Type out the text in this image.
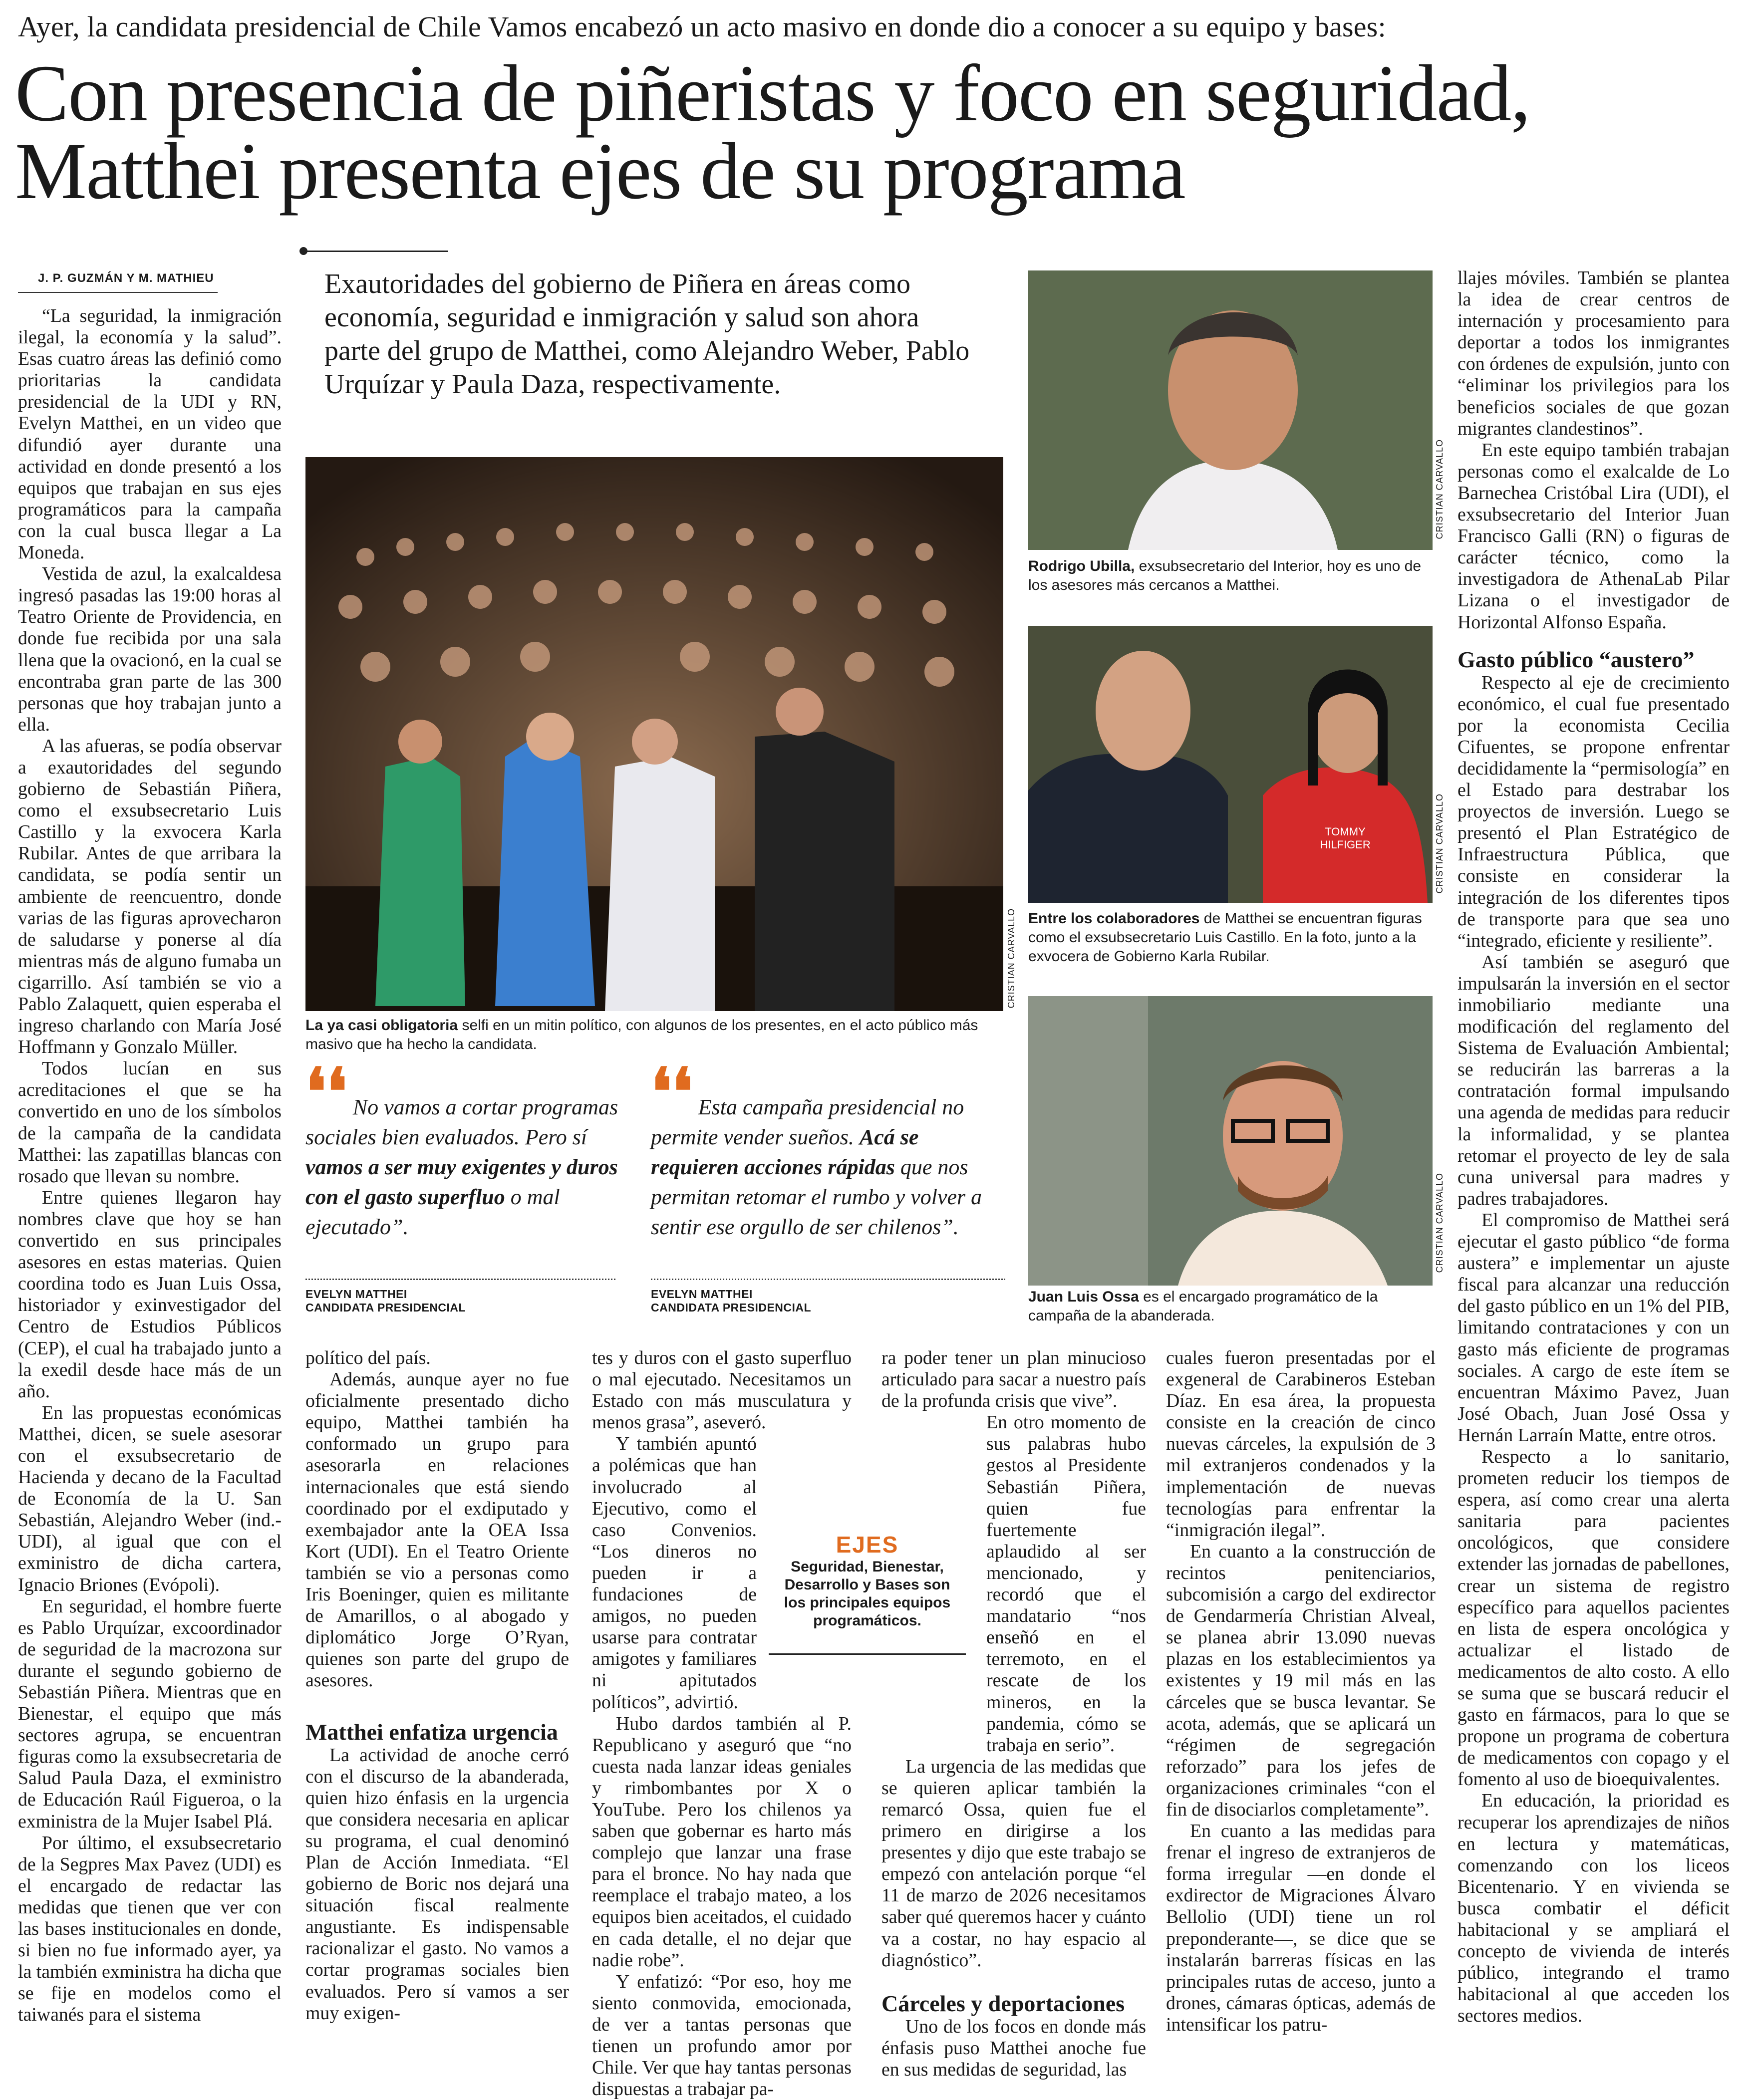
Ayer, la candidata presidencial de Chile Vamos encabezó un acto masivo en donde dio a conocer a su equipo y bases:
Con presencia de piñeristas y foco en seguridad,
Matthei presenta ejes de su programa
J. P. GUZMÁN Y M. MATHIEU	Exautoridades del gobierno de Piñera en áreas como economía, seguridad e inmigración y salud son ahora parte del grupo de Matthei, como Alejandro Weber, Pablo Urquízar y Paula Daza, respectivamente.

“La seguridad, la inmigración ilegal, la economía y la salud”. Esas cuatro áreas las definió como prioritarias la candidata presidencial de la UDI y RN, Evelyn Matthei, en un video que difundió ayer durante una actividad en donde presentó a los equipos que trabajan en sus ejes programáticos para la campaña con la cual busca llegar a La Moneda.

Vestida de azul, la exalcaldesa ingresó pasadas las 19:00 horas al Teatro Oriente de Providencia, en donde fue recibida por una sala llena que la ovacionó, en la cual se encontraba gran parte de las 300 personas que hoy trabajan junto a ella.

A las afueras, se podía observar a exautoridades del segundo gobierno de Sebastián Piñera, como el exsubsecretario Luis Castillo y la exvocera Karla Rubilar. Antes de que arribara la candidata, se podía sentir un ambiente de reencuentro, donde varias de las figuras aprovecharon de saludarse y ponerse al día mientras más de alguno fumaba un cigarrillo. Así también se vio a Pablo Zalaquett, quien esperaba el ingreso charlando con María José Hoffmann y Gonzalo Müller.

Todos lucían en sus acreditaciones el que se ha convertido en uno de los símbolos de la campaña de la candidata Matthei: las zapatillas blancas con rosado que llevan su nombre.

Entre quienes llegaron hay nombres clave que hoy se han convertido en sus principales asesores en estas materias. Quien coordina todo es Juan Luis Ossa, historiador y exinvestigador del Centro de Estudios Públicos (CEP), el cual ha trabajado junto a la exedil desde hace más de un año.

En las propuestas económicas Matthei, dicen, se suele asesorar con el exsubsecretario de Hacienda y decano de la Facultad de Economía de la U. San Sebastián, Alejandro Weber (ind.-UDI), al igual que con el exministro de dicha cartera, Ignacio Briones (Evópoli).

En seguridad, el hombre fuerte es Pablo Urquízar, excoordinador de seguridad de la macrozona sur durante el segundo gobierno de Sebastián Piñera. Mientras que en Bienestar, el equipo que más sectores agrupa, se encuentran figuras como la exsubsecretaria de Salud Paula Daza, el exministro de Educación Raúl Figueroa, o la exministra de la Mujer Isabel Plá.

Por último, el exsubsecretario de la Segpres Max Pavez (UDI) es el encargado de redactar las medidas que tienen que ver con las bases institucionales en donde, si bien no fue informado ayer, ya la también exministra ha dicha que se fije en modelos como el taiwanés para el sistema

CRISTIAN CARVALLO
La ya casi obligatoria selfi en un mitin político, con algunos de los presentes, en el acto público más masivo que ha hecho la candidata.
❛❛ No vamos a cortar programas sociales bien evaluados. Pero sí vamos a ser muy exigentes y duros con el gasto superfluo o mal ejecutado”.
EVELYN MATTHEI
CANDIDATA PRESIDENCIAL
❛❛ Esta campaña presidencial no permite vender sueños. Acá se requieren acciones rápidas que nos permitan retomar el rumbo y volver a sentir ese orgullo de ser chilenos”.
EVELYN MATTHEI
CANDIDATA PRESIDENCIAL

político del país.

Además, aunque ayer no fue oficialmente presentado dicho equipo, Matthei también ha conformado un grupo para asesorarla en relaciones internacionales que está siendo coordinado por el exdiputado y exembajador ante la OEA Issa Kort (UDI). En el Teatro Oriente también se vio a personas como Iris Boeninger, quien es militante de Amarillos, o al abogado y diplomático Jorge O’Ryan, quienes son parte del grupo de asesores.

Matthei enfatiza urgencia

La actividad de anoche cerró con el discurso de la abanderada, quien hizo énfasis en la urgencia que considera necesaria en aplicar su programa, el cual denominó Plan de Acción Inmediata. “El gobierno de Boric nos dejará una situación fiscal realmente angustiante. Es indispensable racionalizar el gasto. No vamos a cortar programas sociales bien evaluados. Pero sí vamos a ser muy exigen-

tes y duros con el gasto superfluo o mal ejecutado. Necesitamos un Estado con más musculatura y menos grasa”, aseveró.

Y también apuntó a polémicas que han involucrado al Ejecutivo, como el caso Convenios. “Los dineros no pueden ir a fundaciones de amigos, no pueden usarse para contratar amigotes y familiares ni apitutados políticos”, advirtió.

Hubo dardos también al P. Republicano y aseguró que “no cuesta nada lanzar ideas geniales y rimbombantes por X o YouTube. Pero los chilenos ya saben que gobernar es harto más complejo que lanzar una frase para el bronce. No hay nada que reemplace el trabajo mateo, a los equipos bien aceitados, el cuidado en cada detalle, el no dejar que nadie robe”.

Y enfatizó: “Por eso, hoy me siento conmovida, emocionada, de ver a tantas personas que tienen un profundo amor por Chile. Ver que hay tantas personas dispuestas a trabajar pa-

EJES
Seguridad, Bienestar, Desarrollo y Bases son los principales equipos programáticos.

ra poder tener un plan minucioso articulado para sacar a nuestro país de la profunda crisis que vive”.

En otro momento de sus palabras hubo gestos al Presidente Sebastián Piñera, quien fue fuertemente aplaudido al ser mencionado, y recordó que el mandatario “nos enseñó en el terremoto, en el rescate de los mineros, en la pandemia, cómo se trabaja en serio”.

La urgencia de las medidas que se quieren aplicar también la remarcó Ossa, quien fue el primero en dirigirse a los presentes y dijo que este trabajo se empezó con antelación porque “el 11 de marzo de 2026 necesitamos saber qué queremos hacer y cuánto va a costar, no hay espacio al diagnóstico”.

Cárceles y deportaciones

Uno de los focos en donde más énfasis puso Matthei anoche fue en sus medidas de seguridad, las

cuales fueron presentadas por el exgeneral de Carabineros Esteban Díaz. En esa área, la propuesta consiste en la creación de cinco nuevas cárceles, la expulsión de 3 mil extranjeros condenados y la implementación de nuevas tecnologías para enfrentar la “inmigración ilegal”.

En cuanto a la construcción de recintos penitenciarios, subcomisión a cargo del exdirector de Gendarmería Christian Alveal, se planea abrir 13.090 nuevas plazas en los establecimientos ya existentes y 19 mil más en las cárceles que se busca levantar. Se acota, además, que se aplicará un “régimen de segregación reforzado” para los jefes de organizaciones criminales “con el fin de disociarlos completamente”.

En cuanto a las medidas para frenar el ingreso de extranjeros de forma irregular —en donde el exdirector de Migraciones Álvaro Bellolio (UDI) tiene un rol preponderante—, se dice que se instalarán barreras físicas en las principales rutas de acceso, junto a drones, cámaras ópticas, además de intensificar los patru-

CRISTIAN CARVALLO
Rodrigo Ubilla, exsubsecretario del Interior, hoy es uno de los asesores más cercanos a Matthei.
TOMMY HILFIGER	CRISTIAN CARVALLO
Entre los colaboradores de Matthei se encuentran figuras como el exsubsecretario Luis Castillo. En la foto, junto a la exvocera de Gobierno Karla Rubilar.
CRISTIAN CARVALLO
Juan Luis Ossa es el encargado programático de la campaña de la abanderada.

llajes móviles. También se plantea la idea de crear centros de internación y procesamiento para deportar a todos los inmigrantes con órdenes de expulsión, junto con “eliminar los privilegios para los beneficios sociales de que gozan migrantes clandestinos”.

En este equipo también trabajan personas como el exalcalde de Lo Barnechea Cristóbal Lira (UDI), el exsubsecretario del Interior Juan Francisco Galli (RN) o figuras de carácter técnico, como la investigadora de AthenaLab Pilar Lizana o el investigador de Horizontal Alfonso España.

Gasto público “austero”

Respecto al eje de crecimiento económico, el cual fue presentado por la economista Cecilia Cifuentes, se propone enfrentar decididamente la “permisología” en el Estado para destrabar los proyectos de inversión. Luego se presentó el Plan Estratégico de Infraestructura Pública, que consiste en considerar la integración de los diferentes tipos de transporte para que sea uno “integrado, eficiente y resiliente”.

Así también se aseguró que impulsarán la inversión en el sector inmobiliario mediante una modificación del reglamento del Sistema de Evaluación Ambiental; se reducirán las barreras a la contratación formal impulsando una agenda de medidas para reducir la informalidad, y se plantea retomar el proyecto de ley de sala cuna universal para madres y padres trabajadores.

El compromiso de Matthei será ejecutar el gasto público “de forma austera” e implementar un ajuste fiscal para alcanzar una reducción del gasto público en un 1% del PIB, limitando contrataciones y con un gasto más eficiente de programas sociales. A cargo de este ítem se encuentran Máximo Pavez, Juan José Obach, Juan José Ossa y Hernán Larraín Matte, entre otros.

Respecto a lo sanitario, prometen reducir los tiempos de espera, así como crear una alerta sanitaria para pacientes oncológicos, que considere extender las jornadas de pabellones, crear un sistema de registro específico para aquellos pacientes en lista de espera oncológica y actualizar el listado de medicamentos de alto costo. A ello se suma que se buscará reducir el gasto en fármacos, para lo que se propone un programa de cobertura de medicamentos con copago y el fomento al uso de bioequivalentes.

En educación, la prioridad es recuperar los aprendizajes de niños en lectura y matemáticas, comenzando con los liceos Bicentenario. Y en vivienda se busca combatir el déficit habitacional y se ampliará el concepto de vivienda de interés público, integrando el tramo habitacional al que acceden los sectores medios.
